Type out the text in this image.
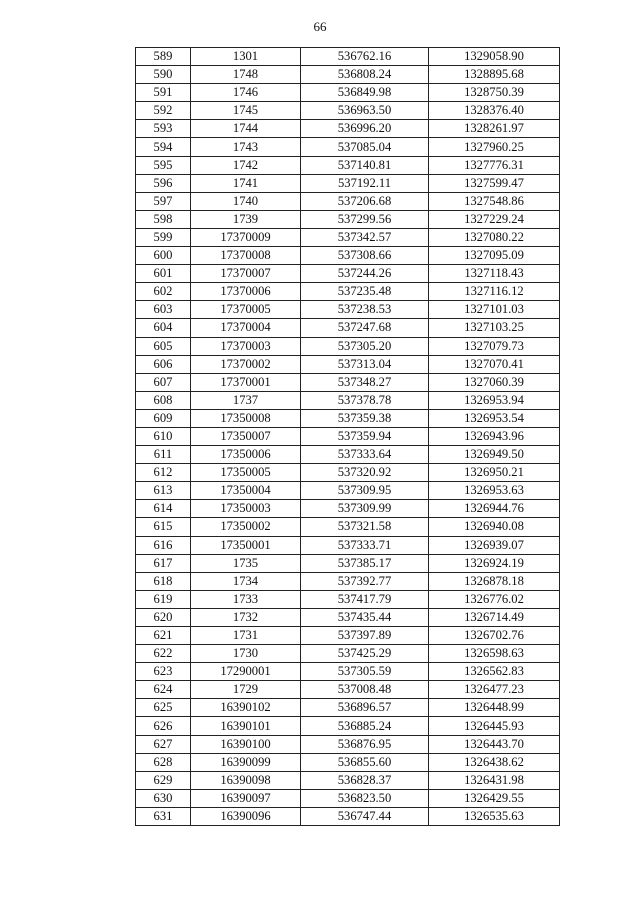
66
589	1301	536762.16	1329058.90
590	1748	536808.24	1328895.68
591	1746	536849.98	1328750.39
592	1745	536963.50	1328376.40
593	1744	536996.20	1328261.97
594	1743	537085.04	1327960.25
595	1742	537140.81	1327776.31
596	1741	537192.11	1327599.47
597	1740	537206.68	1327548.86
598	1739	537299.56	1327229.24
599	17370009	537342.57	1327080.22
600	17370008	537308.66	1327095.09
601	17370007	537244.26	1327118.43
602	17370006	537235.48	1327116.12
603	17370005	537238.53	1327101.03
604	17370004	537247.68	1327103.25
605	17370003	537305.20	1327079.73
606	17370002	537313.04	1327070.41
607	17370001	537348.27	1327060.39
608	1737	537378.78	1326953.94
609	17350008	537359.38	1326953.54
610	17350007	537359.94	1326943.96
611	17350006	537333.64	1326949.50
612	17350005	537320.92	1326950.21
613	17350004	537309.95	1326953.63
614	17350003	537309.99	1326944.76
615	17350002	537321.58	1326940.08
616	17350001	537333.71	1326939.07
617	1735	537385.17	1326924.19
618	1734	537392.77	1326878.18
619	1733	537417.79	1326776.02
620	1732	537435.44	1326714.49
621	1731	537397.89	1326702.76
622	1730	537425.29	1326598.63
623	17290001	537305.59	1326562.83
624	1729	537008.48	1326477.23
625	16390102	536896.57	1326448.99
626	16390101	536885.24	1326445.93
627	16390100	536876.95	1326443.70
628	16390099	536855.60	1326438.62
629	16390098	536828.37	1326431.98
630	16390097	536823.50	1326429.55
631	16390096	536747.44	1326535.63
